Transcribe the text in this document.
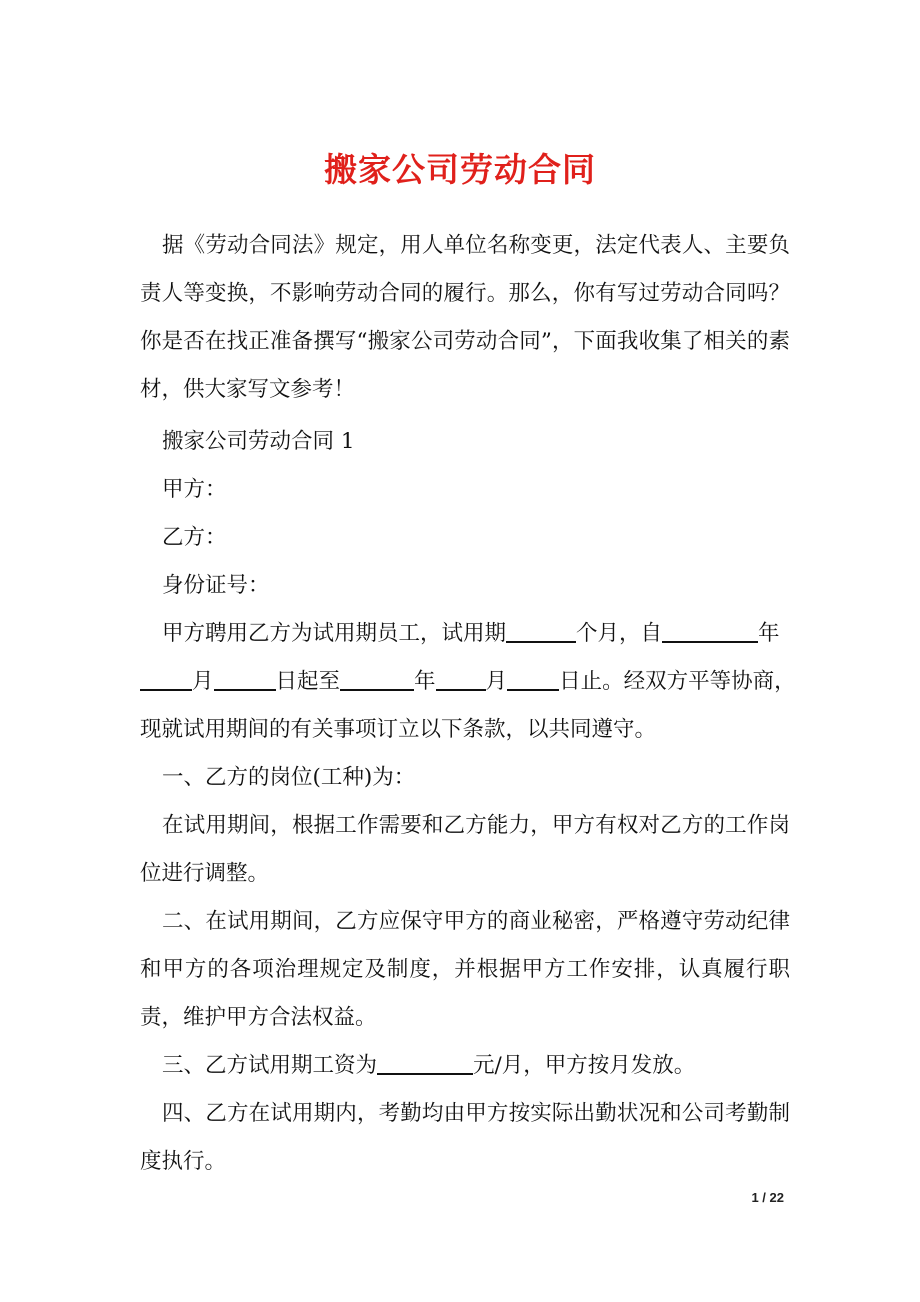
搬家公司劳动合同

据《劳动合同法》规定，用人单位名称变更，法定代表人、主要负责人等变换，不影响劳动合同的履行。那么，你有写过劳动合同吗？你是否在找正准备撰写“搬家公司劳动合同”，下面我收集了相关的素材，供大家写文参考！

搬家公司劳动合同 1
甲方：
乙方：
身份证号：
甲方聘用乙方为试用期员工，试用期	个月，自	年
月	日起至	年 月 日止。经双方平等协商，
现就试用期间的有关事项订立以下条款，以共同遵守。
一、乙方的岗位(工种)为：

在试用期间，根据工作需要和乙方能力，甲方有权对乙方的工作岗位进行调整。

二、在试用期间，乙方应保守甲方的商业秘密，严格遵守劳动纪律和甲方的各项治理规定及制度，并根据甲方工作安排，认真履行职责，维护甲方合法权益。

三、乙方试用期工资为	元/月，甲方按月发放。

四、乙方在试用期内，考勤均由甲方按实际出勤状况和公司考勤制度执行。

1 / 22
